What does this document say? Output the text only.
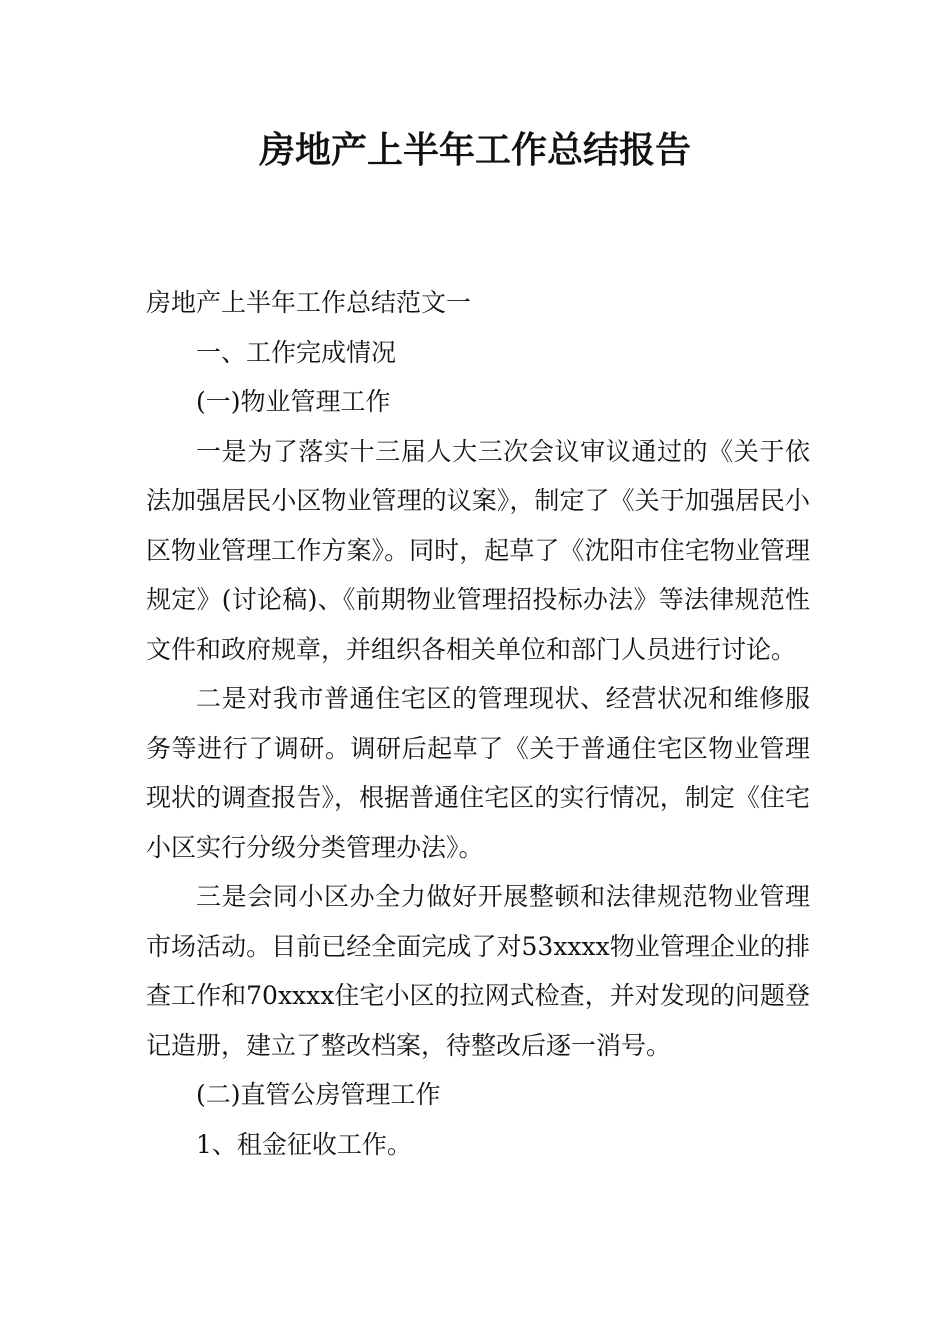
房地产上半年工作总结报告

房地产上半年工作总结范文一

一、工作完成情况

(一)物业管理工作

一是为了落实十三届人大三次会议审议通过的《关于依法加强居民小区物业管理的议案》，制定了《关于加强居民小区物业管理工作方案》。同时，起草了《沈阳市住宅物业管理规定》(讨论稿)、《前期物业管理招投标办法》等法律规范性文件和政府规章，并组织各相关单位和部门人员进行讨论。

二是对我市普通住宅区的管理现状、经营状况和维修服务等进行了调研。调研后起草了《关于普通住宅区物业管理现状的调查报告》，根据普通住宅区的实行情况，制定《住宅小区实行分级分类管理办法》。

三是会同小区办全力做好开展整顿和法律规范物业管理市场活动。目前已经全面完成了对53xxxx物业管理企业的排查工作和70xxxx住宅小区的拉网式检查，并对发现的问题登记造册，建立了整改档案，待整改后逐一消号。

(二)直管公房管理工作

1、租金征收工作。
